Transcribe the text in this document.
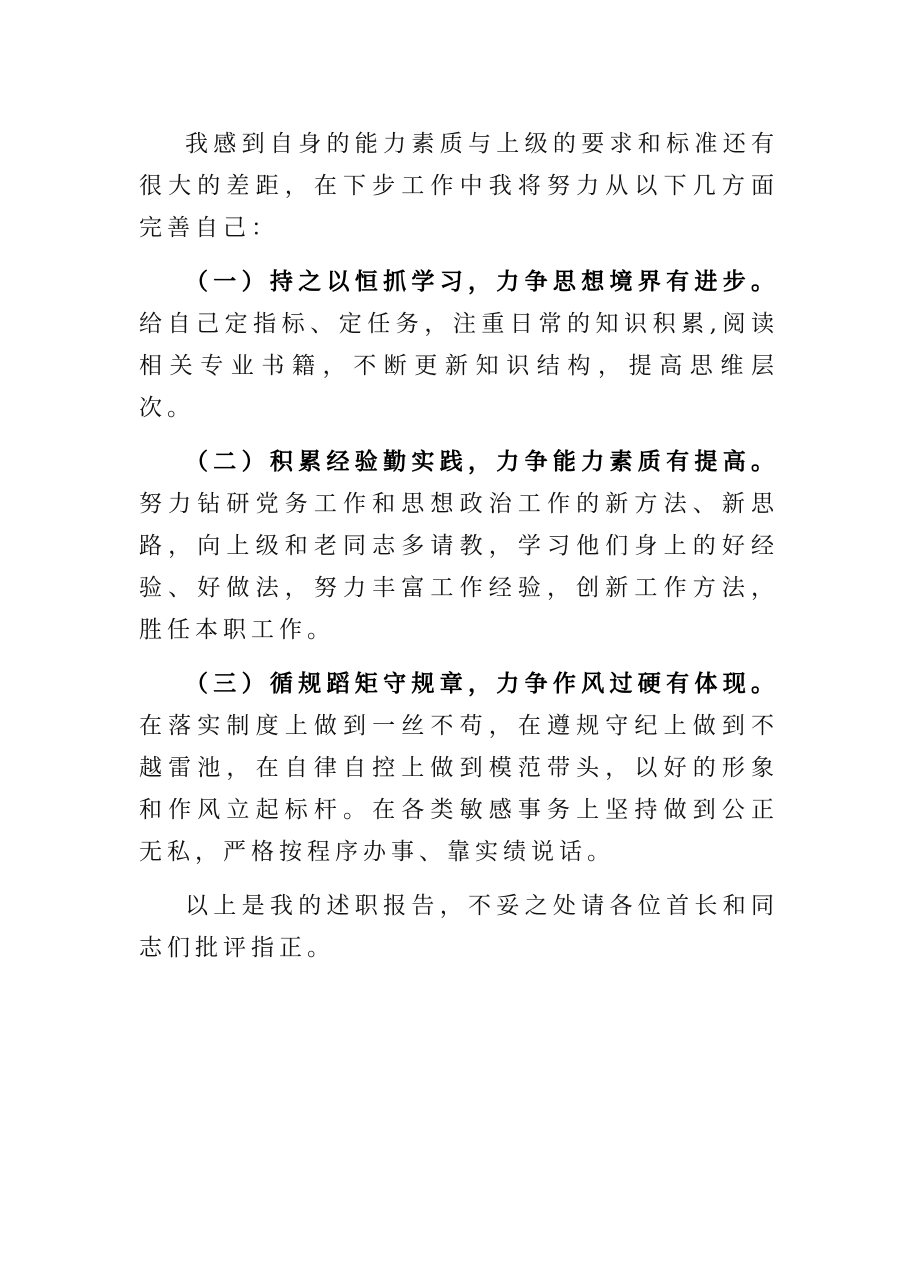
我感到自身的能力素质与上级的要求和标准还有很大的差距，在下步工作中我将努力从以下几方面完善自己：

（一）持之以恒抓学习，力争思想境界有进步。给自己定指标、定任务，注重日常的知识积累,阅读相关专业书籍，不断更新知识结构，提高思维层次。

（二）积累经验勤实践，力争能力素质有提高。努力钻研党务工作和思想政治工作的新方法、新思路，向上级和老同志多请教，学习他们身上的好经验、好做法，努力丰富工作经验，创新工作方法，胜任本职工作。

（三）循规蹈矩守规章，力争作风过硬有体现。在落实制度上做到一丝不苟，在遵规守纪上做到不越雷池，在自律自控上做到模范带头，以好的形象和作风立起标杆。在各类敏感事务上坚持做到公正无私，严格按程序办事、靠实绩说话。

以上是我的述职报告，不妥之处请各位首长和同志们批评指正。
